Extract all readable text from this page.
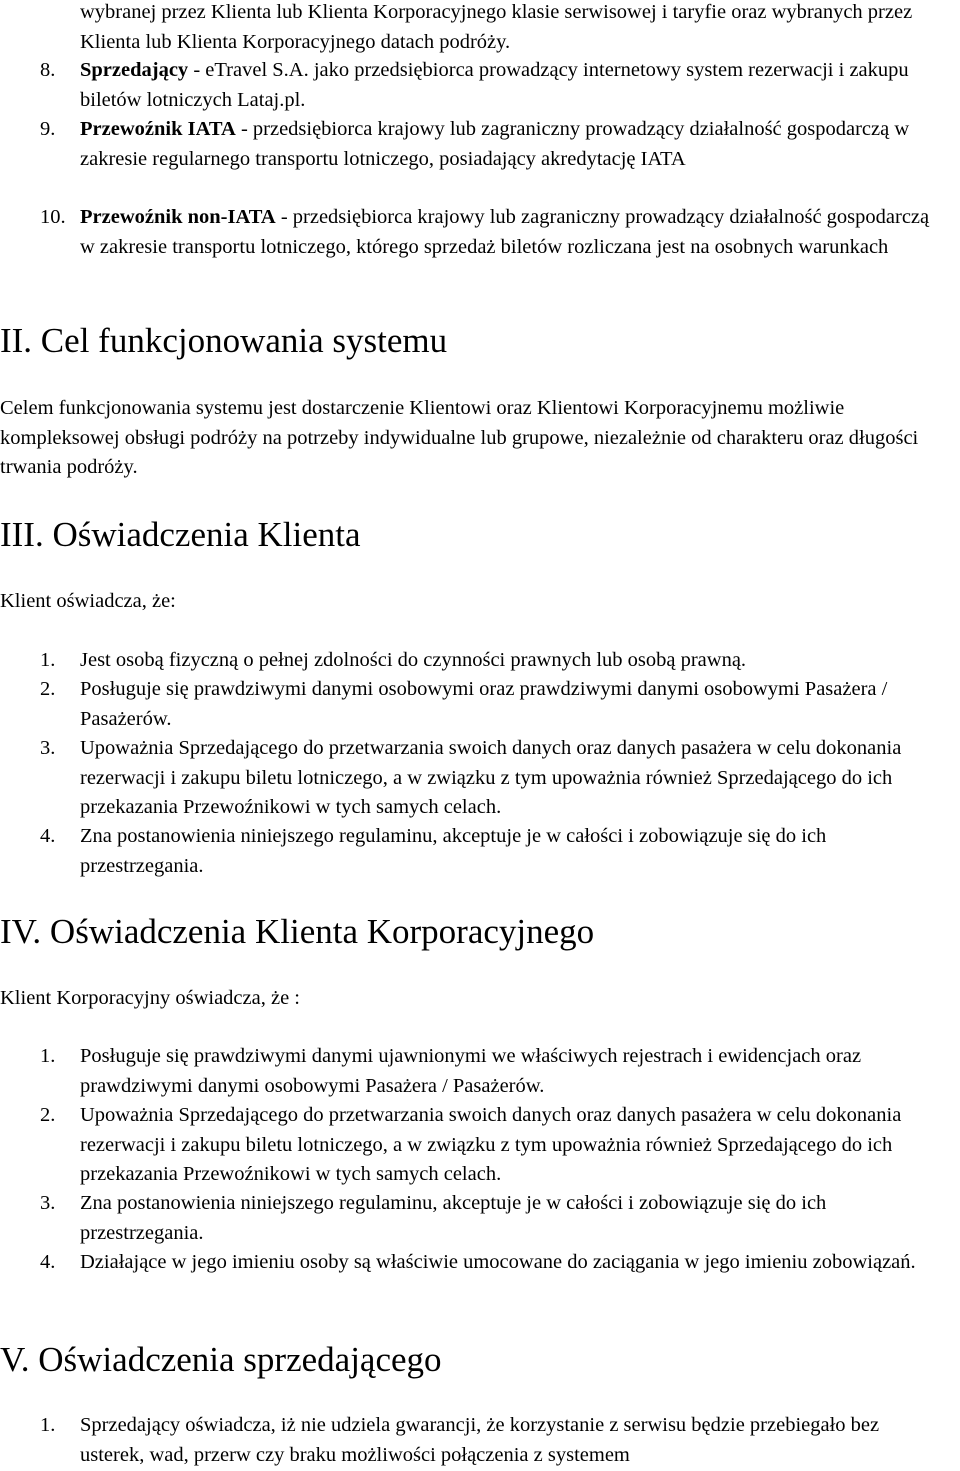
wybranej przez Klienta lub Klienta Korporacyjnego klasie serwisowej i taryfie oraz wybranych przez Klienta lub Klienta Korporacyjnego datach podróży.
8. Sprzedający - eTravel S.A. jako przedsiębiorca prowadzący internetowy system rezerwacji i zakupu biletów lotniczych Lataj.pl.
9. Przewoźnik IATA - przedsiębiorca krajowy lub zagraniczny prowadzący działalność gospodarczą w zakresie regularnego transportu lotniczego, posiadający akredytację IATA
10. Przewoźnik non-IATA - przedsiębiorca krajowy lub zagraniczny prowadzący działalność gospodarczą w zakresie transportu lotniczego, którego sprzedaż biletów rozliczana jest na osobnych warunkach
II. Cel funkcjonowania systemu
Celem funkcjonowania systemu jest dostarczenie Klientowi oraz Klientowi Korporacyjnemu możliwie kompleksowej obsługi podróży na potrzeby indywidualne lub grupowe, niezależnie od charakteru oraz długości trwania podróży.
III. Oświadczenia Klienta
Klient oświadcza, że:
1. Jest osobą fizyczną o pełnej zdolności do czynności prawnych lub osobą prawną.
2. Posługuje się prawdziwymi danymi osobowymi oraz prawdziwymi danymi osobowymi Pasażera / Pasażerów.
3. Upoważnia Sprzedającego do przetwarzania swoich danych oraz danych pasażera w celu dokonania rezerwacji i zakupu biletu lotniczego, a w związku z tym upoważnia również Sprzedającego do ich przekazania Przewoźnikowi w tych samych celach.
4. Zna postanowienia niniejszego regulaminu, akceptuje je w całości i zobowiązuje się do ich przestrzegania.
IV. Oświadczenia Klienta Korporacyjnego
Klient Korporacyjny oświadcza, że :
1. Posługuje się prawdziwymi danymi ujawnionymi we właściwych rejestrach i ewidencjach oraz prawdziwymi danymi osobowymi Pasażera / Pasażerów.
2. Upoważnia Sprzedającego do przetwarzania swoich danych oraz danych pasażera w celu dokonania rezerwacji i zakupu biletu lotniczego, a w związku z tym upoważnia również Sprzedającego do ich przekazania Przewoźnikowi w tych samych celach.
3. Zna postanowienia niniejszego regulaminu, akceptuje je w całości i zobowiązuje się do ich przestrzegania.
4. Działające w jego imieniu osoby są właściwie umocowane do zaciągania w jego imieniu zobowiązań.
V. Oświadczenia sprzedającego
1. Sprzedający oświadcza, iż nie udziela gwarancji, że korzystanie z serwisu będzie przebiegało bez usterek, wad, przerw czy braku możliwości połączenia z systemem
